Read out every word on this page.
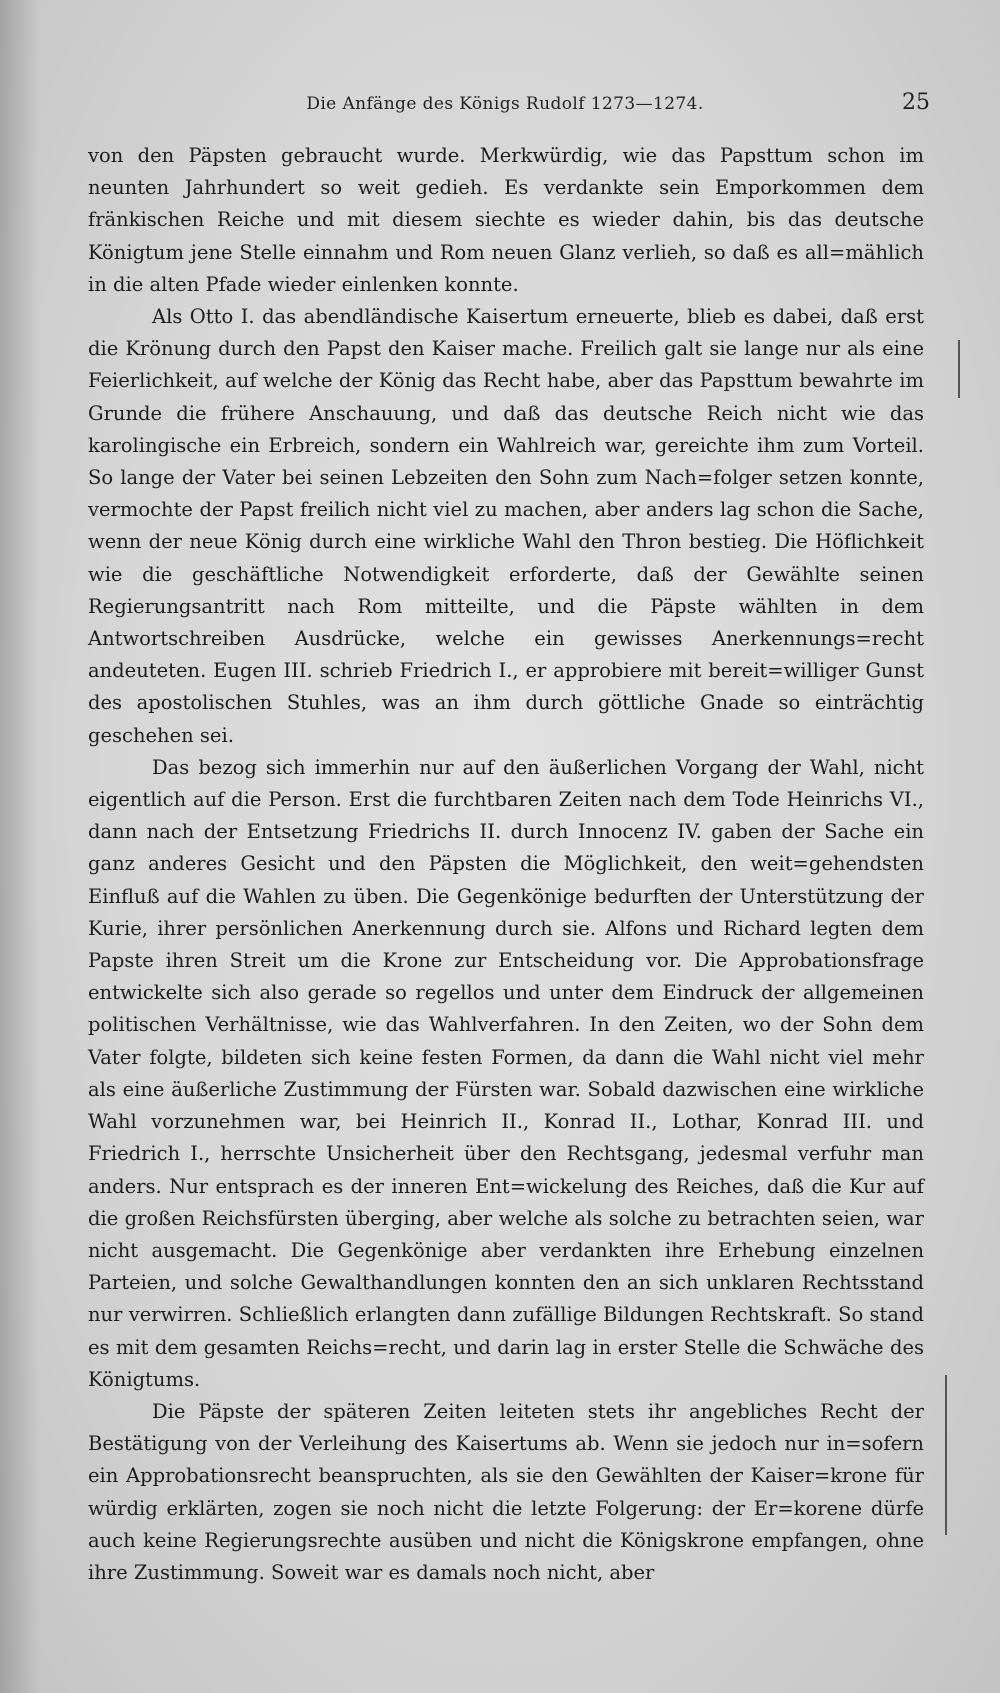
Die Anfänge des Königs Rudolf 1273—1274.	25

von den Päpsten gebraucht wurde. Merkwürdig, wie das Papsttum schon im neunten Jahrhundert so weit gedieh. Es verdankte sein Emporkommen dem fränkischen Reiche und mit diesem siechte es wieder dahin, bis das deutsche Königtum jene Stelle einnahm und Rom neuen Glanz verlieh, so daß es all=mählich in die alten Pfade wieder einlenken konnte.

Als Otto I. das abendländische Kaisertum erneuerte, blieb es dabei, daß erst die Krönung durch den Papst den Kaiser mache. Freilich galt sie lange nur als eine Feierlichkeit, auf welche der König das Recht habe, aber das Papsttum bewahrte im Grunde die frühere Anschauung, und daß das deutsche Reich nicht wie das karolingische ein Erbreich, sondern ein Wahlreich war, gereichte ihm zum Vorteil. So lange der Vater bei seinen Lebzeiten den Sohn zum Nach=folger setzen konnte, vermochte der Papst freilich nicht viel zu machen, aber anders lag schon die Sache, wenn der neue König durch eine wirkliche Wahl den Thron bestieg. Die Höflichkeit wie die geschäftliche Notwendigkeit erforderte, daß der Gewählte seinen Regierungsantritt nach Rom mitteilte, und die Päpste wählten in dem Antwortschreiben Ausdrücke, welche ein gewisses Anerkennungs=recht andeuteten. Eugen III. schrieb Friedrich I., er approbiere mit bereit=williger Gunst des apostolischen Stuhles, was an ihm durch göttliche Gnade so einträchtig geschehen sei.

Das bezog sich immerhin nur auf den äußerlichen Vorgang der Wahl, nicht eigentlich auf die Person. Erst die furchtbaren Zeiten nach dem Tode Heinrichs VI., dann nach der Entsetzung Friedrichs II. durch Innocenz IV. gaben der Sache ein ganz anderes Gesicht und den Päpsten die Möglichkeit, den weit=gehendsten Einfluß auf die Wahlen zu üben. Die Gegenkönige bedurften der Unterstützung der Kurie, ihrer persönlichen Anerkennung durch sie. Alfons und Richard legten dem Papste ihren Streit um die Krone zur Entscheidung vor. Die Approbationsfrage entwickelte sich also gerade so regellos und unter dem Eindruck der allgemeinen politischen Verhältnisse, wie das Wahlverfahren. In den Zeiten, wo der Sohn dem Vater folgte, bildeten sich keine festen Formen, da dann die Wahl nicht viel mehr als eine äußerliche Zustimmung der Fürsten war. Sobald dazwischen eine wirkliche Wahl vorzunehmen war, bei Heinrich II., Konrad II., Lothar, Konrad III. und Friedrich I., herrschte Unsicherheit über den Rechtsgang, jedesmal verfuhr man anders. Nur entsprach es der inneren Ent=wickelung des Reiches, daß die Kur auf die großen Reichsfürsten überging, aber welche als solche zu betrachten seien, war nicht ausgemacht. Die Gegenkönige aber verdankten ihre Erhebung einzelnen Parteien, und solche Gewalthandlungen konnten den an sich unklaren Rechtsstand nur verwirren. Schließlich erlangten dann zufällige Bildungen Rechtskraft. So stand es mit dem gesamten Reichs=recht, und darin lag in erster Stelle die Schwäche des Königtums.

Die Päpste der späteren Zeiten leiteten stets ihr angebliches Recht der Bestätigung von der Verleihung des Kaisertums ab. Wenn sie jedoch nur in=sofern ein Approbationsrecht beanspruchten, als sie den Gewählten der Kaiser=krone für würdig erklärten, zogen sie noch nicht die letzte Folgerung: der Er=korene dürfe auch keine Regierungsrechte ausüben und nicht die Königskrone empfangen, ohne ihre Zustimmung. Soweit war es damals noch nicht, aber
